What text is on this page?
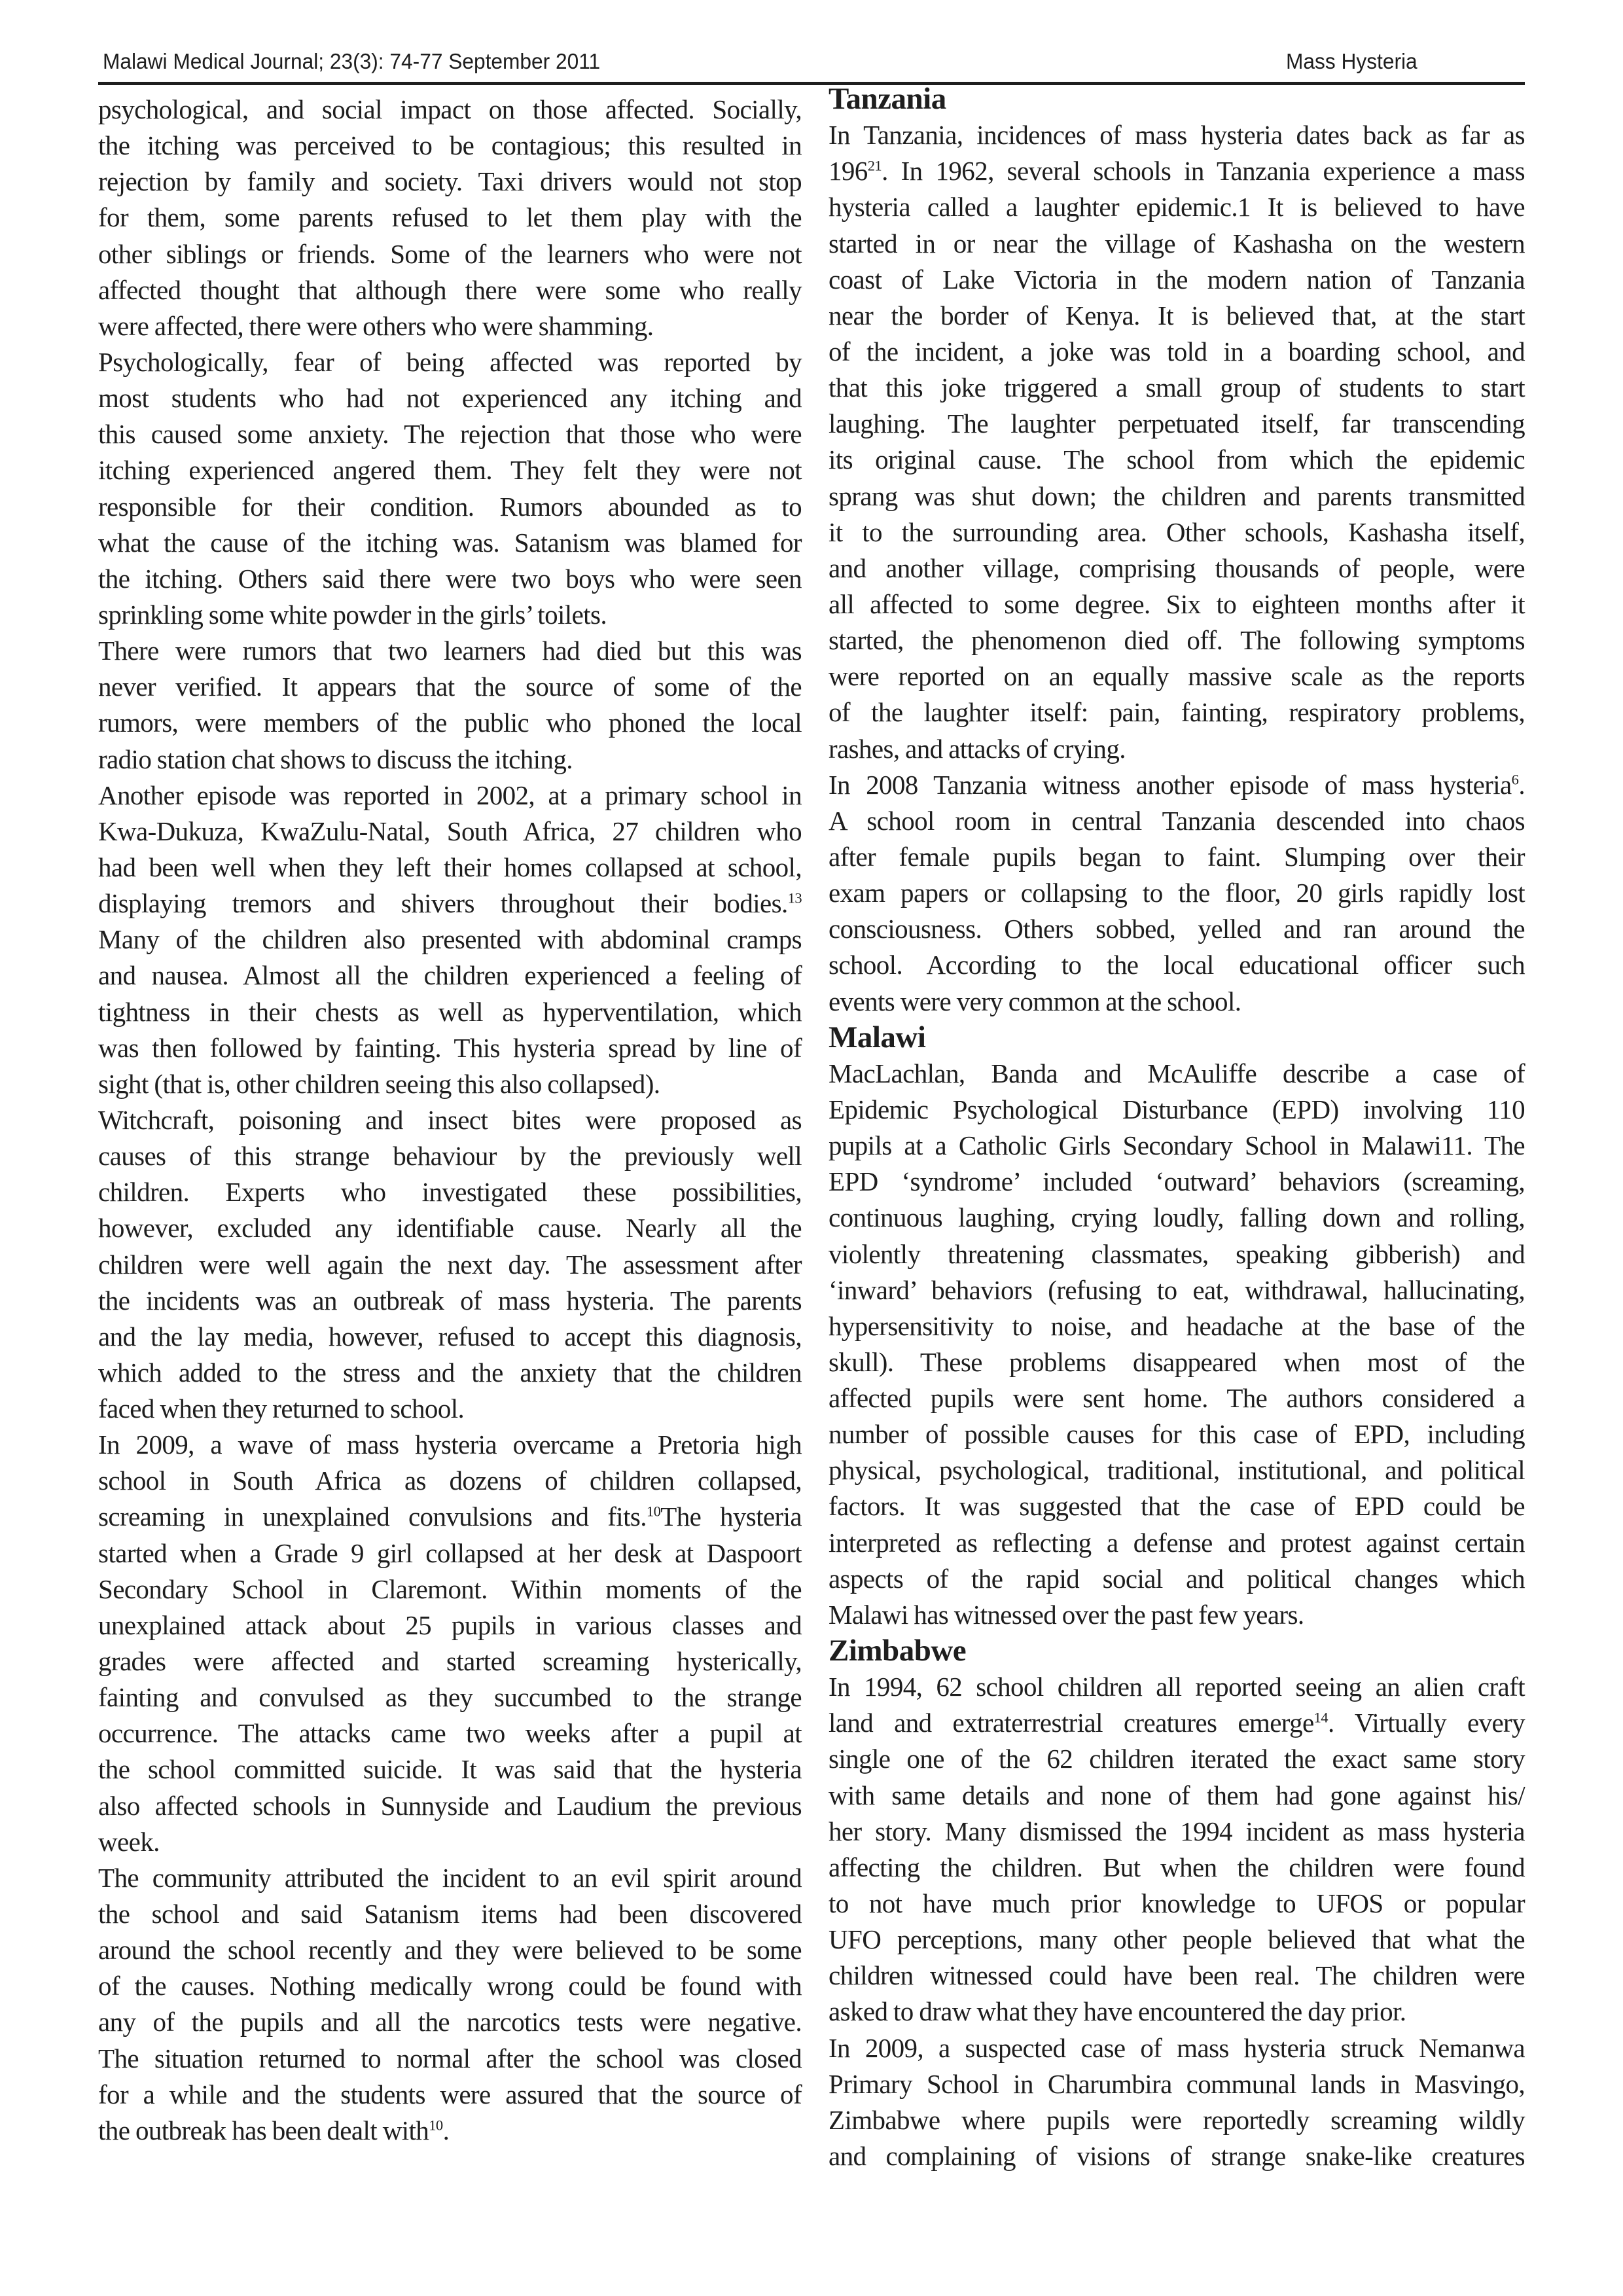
Malawi Medical Journal; 23(3): 74-77 September 2011	Mass Hysteria
psychological, and social impact on those affected. Socially,
the itching was perceived to be contagious; this resulted in
rejection by family and society. Taxi drivers would not stop
for them, some parents refused to let them play with the
other siblings or friends. Some of the learners who were not
affected thought that although there were some who really
were affected, there were others who were shamming.
Psychologically, fear of being affected was reported by
most students who had not experienced any itching and
this caused some anxiety. The rejection that those who were
itching experienced angered them. They felt they were not
responsible for their condition. Rumors abounded as to
what the cause of the itching was. Satanism was blamed for
the itching. Others said there were two boys who were seen
sprinkling some white powder in the girls’ toilets.
There were rumors that two learners had died but this was
never verified. It appears that the source of some of the
rumors, were members of the public who phoned the local
radio station chat shows to discuss the itching.
Another episode was reported in 2002, at a primary school in
Kwa-Dukuza, KwaZulu-Natal, South Africa, 27 children who
had been well when they left their homes collapsed at school,
displaying tremors and shivers throughout their bodies.$^{13}$
Many of the children also presented with abdominal cramps
and nausea. Almost all the children experienced a feeling of
tightness in their chests as well as hyperventilation, which
was then followed by fainting. This hysteria spread by line of
sight (that is, other children seeing this also collapsed).
Witchcraft, poisoning and insect bites were proposed as
causes of this strange behaviour by the previously well
children. Experts who investigated these possibilities,
however, excluded any identifiable cause. Nearly all the
children were well again the next day. The assessment after
the incidents was an outbreak of mass hysteria. The parents
and the lay media, however, refused to accept this diagnosis,
which added to the stress and the anxiety that the children
faced when they returned to school.
In 2009, a wave of mass hysteria overcame a Pretoria high
school in South Africa as dozens of children collapsed,
screaming in unexplained convulsions and fits.$^{10}$The hysteria
started when a Grade 9 girl collapsed at her desk at Daspoort
Secondary School in Claremont. Within moments of the
unexplained attack about 25 pupils in various classes and
grades were affected and started screaming hysterically,
fainting and convulsed as they succumbed to the strange
occurrence. The attacks came two weeks after a pupil at
the school committed suicide. It was said that the hysteria
also affected schools in Sunnyside and Laudium the previous
week.
The community attributed the incident to an evil spirit around
the school and said Satanism items had been discovered
around the school recently and they were believed to be some
of the causes. Nothing medically wrong could be found with
any of the pupils and all the narcotics tests were negative.
The situation returned to normal after the school was closed
for a while and the students were assured that the source of
the outbreak has been dealt with$^{10}$.
Tanzania
In Tanzania, incidences of mass hysteria dates back as far as
$196^{21}$. In 1962, several schools in Tanzania experience a mass
hysteria called a laughter epidemic.1 It is believed to have
started in or near the village of Kashasha on the western
coast of Lake Victoria in the modern nation of Tanzania
near the border of Kenya. It is believed that, at the start
of the incident, a joke was told in a boarding school, and
that this joke triggered a small group of students to start
laughing. The laughter perpetuated itself, far transcending
its original cause. The school from which the epidemic
sprang was shut down; the children and parents transmitted
it to the surrounding area. Other schools, Kashasha itself,
and another village, comprising thousands of people, were
all affected to some degree. Six to eighteen months after it
started, the phenomenon died off. The following symptoms
were reported on an equally massive scale as the reports
of the laughter itself: pain, fainting, respiratory problems,
rashes, and attacks of crying.
In 2008 Tanzania witness another episode of mass hysteria$^6$.
A school room in central Tanzania descended into chaos
after female pupils began to faint. Slumping over their
exam papers or collapsing to the floor, 20 girls rapidly lost
consciousness. Others sobbed, yelled and ran around the
school. According to the local educational officer such
events were very common at the school.
Malawi
MacLachlan, Banda and McAuliffe describe a case of
Epidemic Psychological Disturbance (EPD) involving 110
pupils at a Catholic Girls Secondary School in Malawi11. The
EPD ‘syndrome’ included ‘outward’ behaviors (screaming,
continuous laughing, crying loudly, falling down and rolling,
violently threatening classmates, speaking gibberish) and
‘inward’ behaviors (refusing to eat, withdrawal, hallucinating,
hypersensitivity to noise, and headache at the base of the
skull). These problems disappeared when most of the
affected pupils were sent home. The authors considered a
number of possible causes for this case of EPD, including
physical, psychological, traditional, institutional, and political
factors. It was suggested that the case of EPD could be
interpreted as reflecting a defense and protest against certain
aspects of the rapid social and political changes which
Malawi has witnessed over the past few years.
Zimbabwe
In 1994, 62 school children all reported seeing an alien craft
land and extraterrestrial creatures emerge$^{14}$. Virtually every
single one of the 62 children iterated the exact same story
with same details and none of them had gone against his/
her story. Many dismissed the 1994 incident as mass hysteria
affecting the children. But when the children were found
to not have much prior knowledge to UFOS or popular
UFO perceptions, many other people believed that what the
children witnessed could have been real. The children were
asked to draw what they have encountered the day prior.
In 2009, a suspected case of mass hysteria struck Nemanwa
Primary School in Charumbira communal lands in Masvingo,
Zimbabwe where pupils were reportedly screaming wildly
and complaining of visions of strange snake-like creatures
